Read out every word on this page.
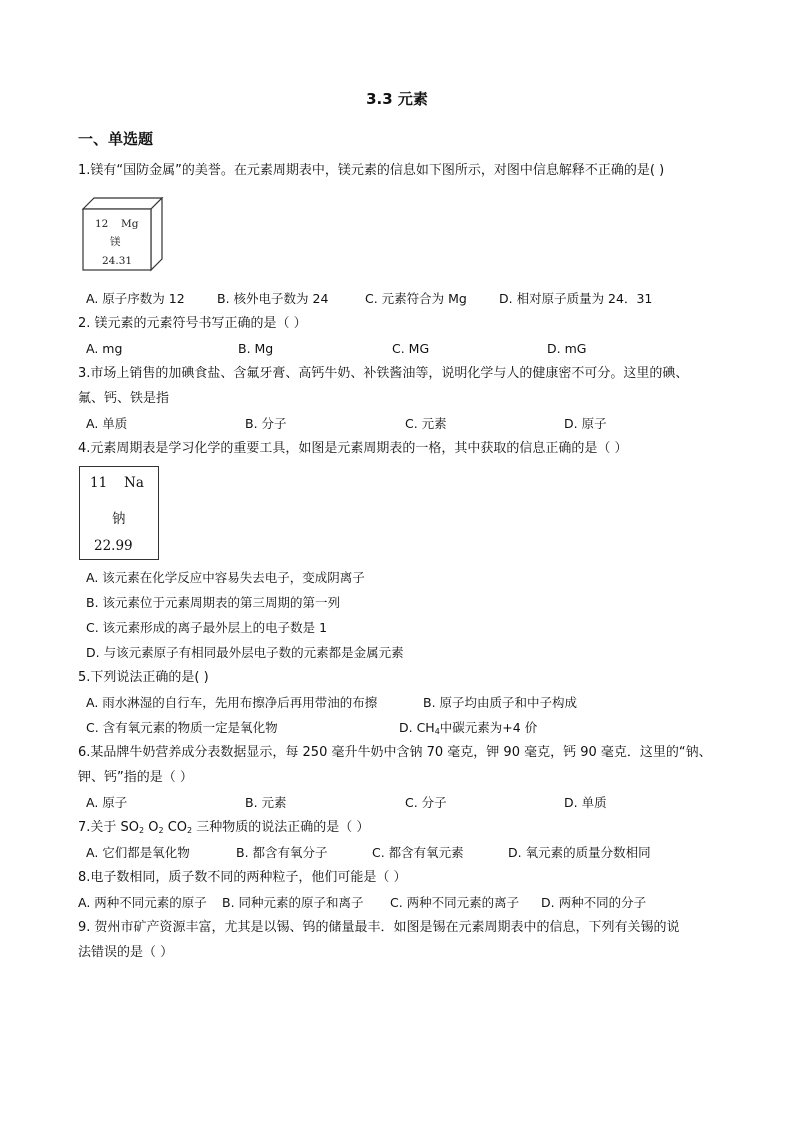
3.3 元素
一、单选题
1.镁有“国防金属”的美誉。在元素周期表中，镁元素的信息如下图所示，对图中信息解释不正确的是( )
12 Mg
镁
24.31
A. 原子序数为 12	B. 核外电子数为 24	C. 元素符合为 Mg	D. 相对原子质量为 24．31
2. 镁元素的元素符号书写正确的是（ ）
A. mg	B. Mg	C. MG	D. mG
3.市场上销售的加碘食盐、含氟牙膏、高钙牛奶、补铁酱油等，说明化学与人的健康密不可分。这里的碘、
氟、钙、铁是指
A. 单质	B. 分子	C. 元素	D. 原子
4.元素周期表是学习化学的重要工具，如图是元素周期表的一格，其中获取的信息正确的是（ ）
11 Na
钠
22.99
A. 该元素在化学反应中容易失去电子，变成阴离子
B. 该元素位于元素周期表的第三周期的第一列
C. 该元素形成的离子最外层上的电子数是 1
D. 与该元素原子有相同最外层电子数的元素都是金属元素
5.下列说法正确的是( )
A. 雨水淋湿的自行车，先用布擦净后再用带油的布擦	B. 原子均由质子和中子构成
C. 含有氧元素的物质一定是氧化物	D. $CH_4$中碳元素为+4 价
6.某品牌牛奶营养成分表数据显示，每 250 毫升牛奶中含钠 70 毫克，钾 90 毫克，钙 90 毫克．这里的“钠、
钾、钙”指的是（ ）
A. 原子	B. 元素	C. 分子	D. 单质
7.关于 $SO_2$ $O_2$ $CO_2$ 三种物质的说法正确的是（ ）
A. 它们都是氧化物	B. 都含有氧分子	C. 都含有氧元素	D. 氧元素的质量分数相同
8.电子数相同，质子数不同的两种粒子，他们可能是（ ）
A. 两种不同元素的原子 B. 同种元素的原子和离子 C. 两种不同元素的离子 D. 两种不同的分子
9. 贺州市矿产资源丰富，尤其是以锡、钨的储量最丰．如图是锡在元素周期表中的信息，下列有关锡的说
法错误的是（ ）
